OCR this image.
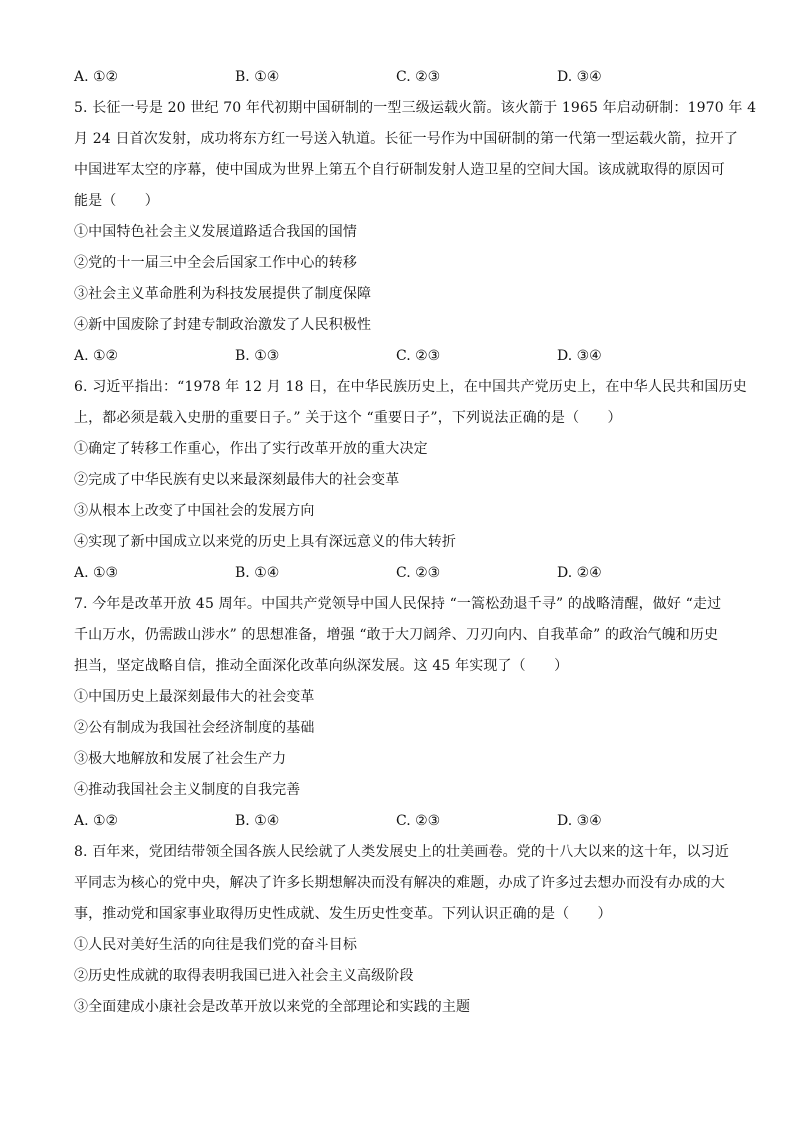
A. ①②	B. ①④	C. ②③	D. ③④
5. 长征一号是 20 世纪 70 年代初期中国研制的一型三级运载火箭。该火箭于 1965 年启动研制：1970 年 4
月 24 日首次发射，成功将东方红一号送入轨道。长征一号作为中国研制的第一代第一型运载火箭，拉开了
中国进军太空的序幕，使中国成为世界上第五个自行研制发射人造卫星的空间大国。该成就取得的原因可
能是（　　）
①中国特色社会主义发展道路适合我国的国情
②党的十一届三中全会后国家工作中心的转移
③社会主义革命胜利为科技发展提供了制度保障
④新中国废除了封建专制政治激发了人民积极性
A. ①②	B. ①③	C. ②③	D. ③④
6. 习近平指出：“1978 年 12 月 18 日，在中华民族历史上，在中国共产党历史上，在中华人民共和国历史
上，都必须是载入史册的重要日子。” 关于这个 “重要日子”，下列说法正确的是（　　）
①确定了转移工作重心，作出了实行改革开放的重大决定
②完成了中华民族有史以来最深刻最伟大的社会变革
③从根本上改变了中国社会的发展方向
④实现了新中国成立以来党的历史上具有深远意义的伟大转折
A. ①③	B. ①④	C. ②③	D. ②④
7. 今年是改革开放 45 周年。中国共产党领导中国人民保持 “一篙松劲退千寻” 的战略清醒，做好 “走过
千山万水，仍需跋山涉水” 的思想准备，增强 “敢于大刀阔斧、刀刃向内、自我革命” 的政治气魄和历史
担当，坚定战略自信，推动全面深化改革向纵深发展。这 45 年实现了（　　）
①中国历史上最深刻最伟大的社会变革
②公有制成为我国社会经济制度的基础
③极大地解放和发展了社会生产力
④推动我国社会主义制度的自我完善
A. ①②	B. ①④	C. ②③	D. ③④
8. 百年来，党团结带领全国各族人民绘就了人类发展史上的壮美画卷。党的十八大以来的这十年，以习近
平同志为核心的党中央，解决了许多长期想解决而没有解决的难题，办成了许多过去想办而没有办成的大
事，推动党和国家事业取得历史性成就、发生历史性变革。下列认识正确的是（　　）
①人民对美好生活的向往是我们党的奋斗目标
②历史性成就的取得表明我国已进入社会主义高级阶段
③全面建成小康社会是改革开放以来党的全部理论和实践的主题
